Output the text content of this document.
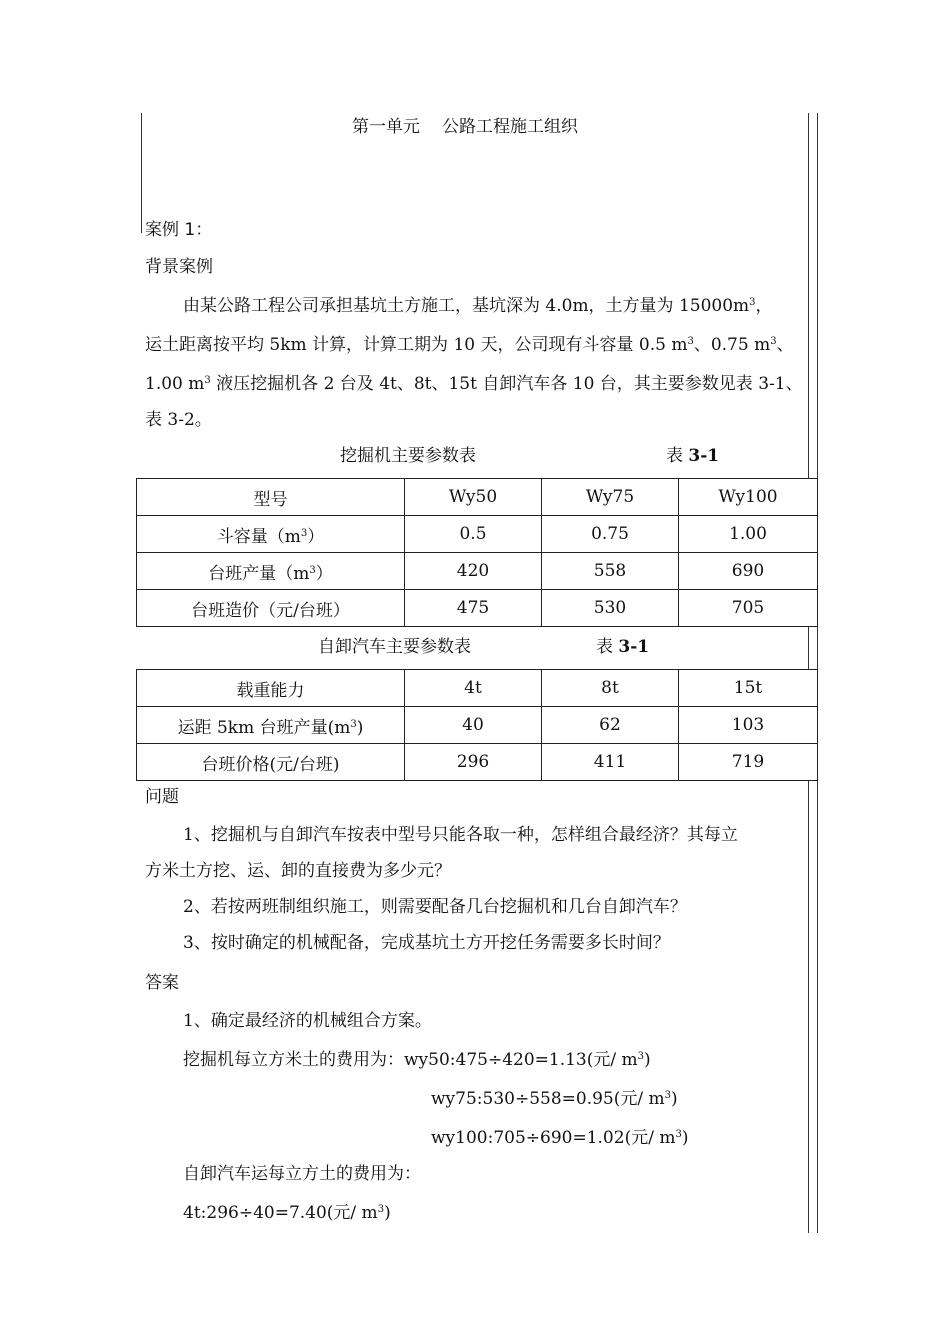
第一单元 公路工程施工组织
案例 1：
背景案例
由某公路工程公司承担基坑土方施工，基坑深为 4.0m，土方量为 $15000m^3$，
运土距离按平均 5km 计算，计算工期为 10 天，公司现有斗容量 0.5 $m^3$、0.75 $m^3$、
1.00 $m^3$ 液压挖掘机各 2 台及 4t、8t、15t 自卸汽车各 10 台，其主要参数见表 3-1、
表 3-2。
挖掘机主要参数表	表 3-1
型号	Wy50	Wy75	Wy100
斗容量$(m^3)$	0.5	0.75	1.00
台班产量$(m^3)$	420	558	690
台班造价（元/台班）	475	530	705
自卸汽车主要参数表	表 3-1
载重能力	4t	8t	15t
运距 5km 台班产量$(m^3)$	40	62	103
台班价格(元/台班)	296	411	719
问题
1、挖掘机与自卸汽车按表中型号只能各取一种，怎样组合最经济？其每立
方米土方挖、运、卸的直接费为多少元？
2、若按两班制组织施工，则需要配备几台挖掘机和几台自卸汽车？
3、按时确定的机械配备，完成基坑土方开挖任务需要多长时间？
答案
1、确定最经济的机械组合方案。
挖掘机每立方米土的费用为：wy50:475÷420=1.13(元/ $m^3$)
wy75:530÷558=0.95(元/ $m^3$)
wy100:705÷690=1.02(元/ $m^3$)
自卸汽车运每立方土的费用为：
4t:296÷40=7.40(元/ $m^3$)
